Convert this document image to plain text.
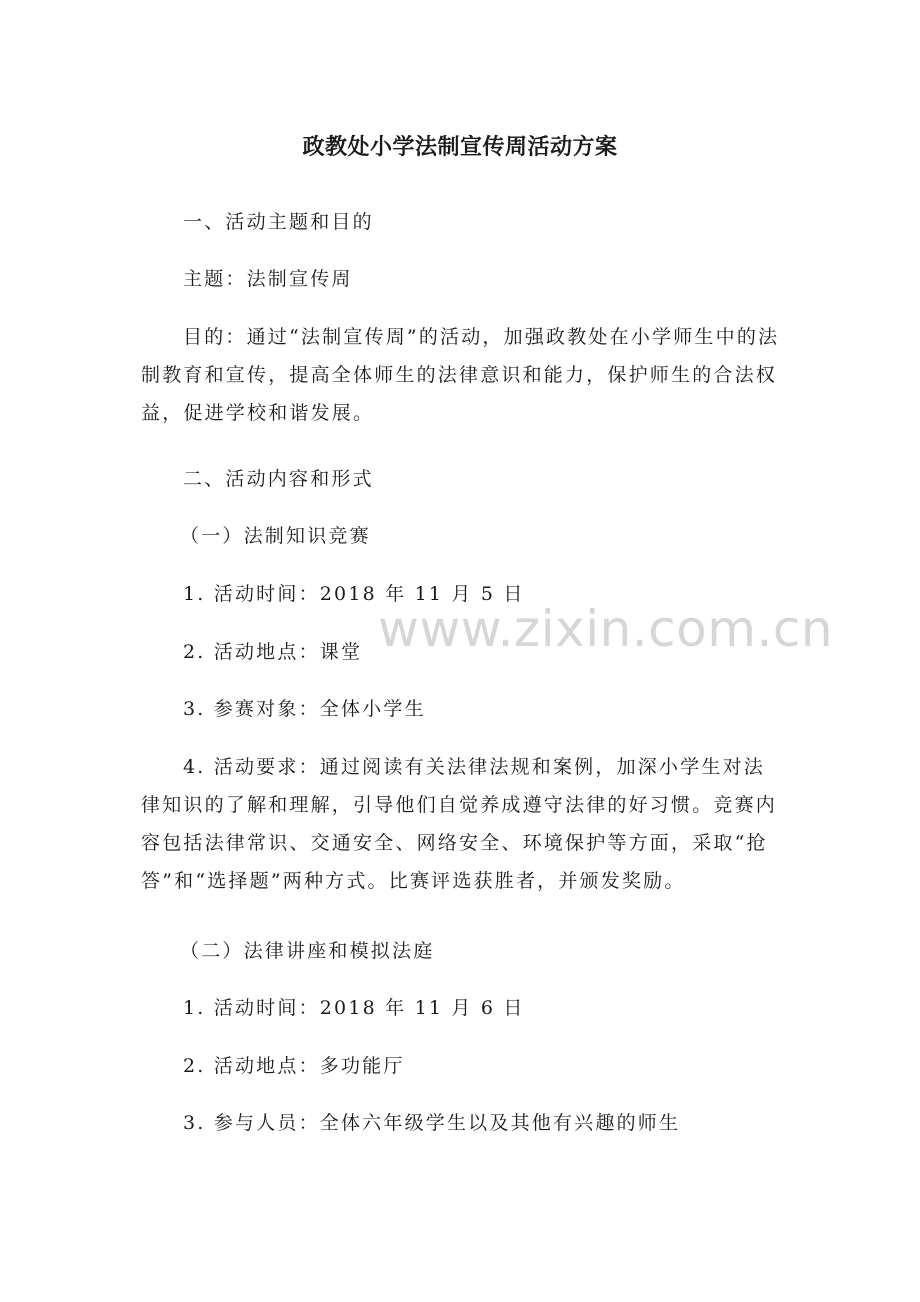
政教处小学法制宣传周活动方案

一、活动主题和目的

主题：法制宣传周

目的：通过“法制宣传周”的活动，加强政教处在小学师生中的法制教育和宣传，提高全体师生的法律意识和能力，保护师生的合法权益，促进学校和谐发展。

二、活动内容和形式

（一）法制知识竞赛

1. 活动时间：2018 年 11 月 5 日

2. 活动地点：课堂

3. 参赛对象：全体小学生

4. 活动要求：通过阅读有关法律法规和案例，加深小学生对法律知识的了解和理解，引导他们自觉养成遵守法律的好习惯。竞赛内容包括法律常识、交通安全、网络安全、环境保护等方面，采取“抢答”和“选择题”两种方式。比赛评选获胜者，并颁发奖励。

（二）法律讲座和模拟法庭

1. 活动时间：2018 年 11 月 6 日

2. 活动地点：多功能厅

3. 参与人员：全体六年级学生以及其他有兴趣的师生

www.zixin.com.cn
